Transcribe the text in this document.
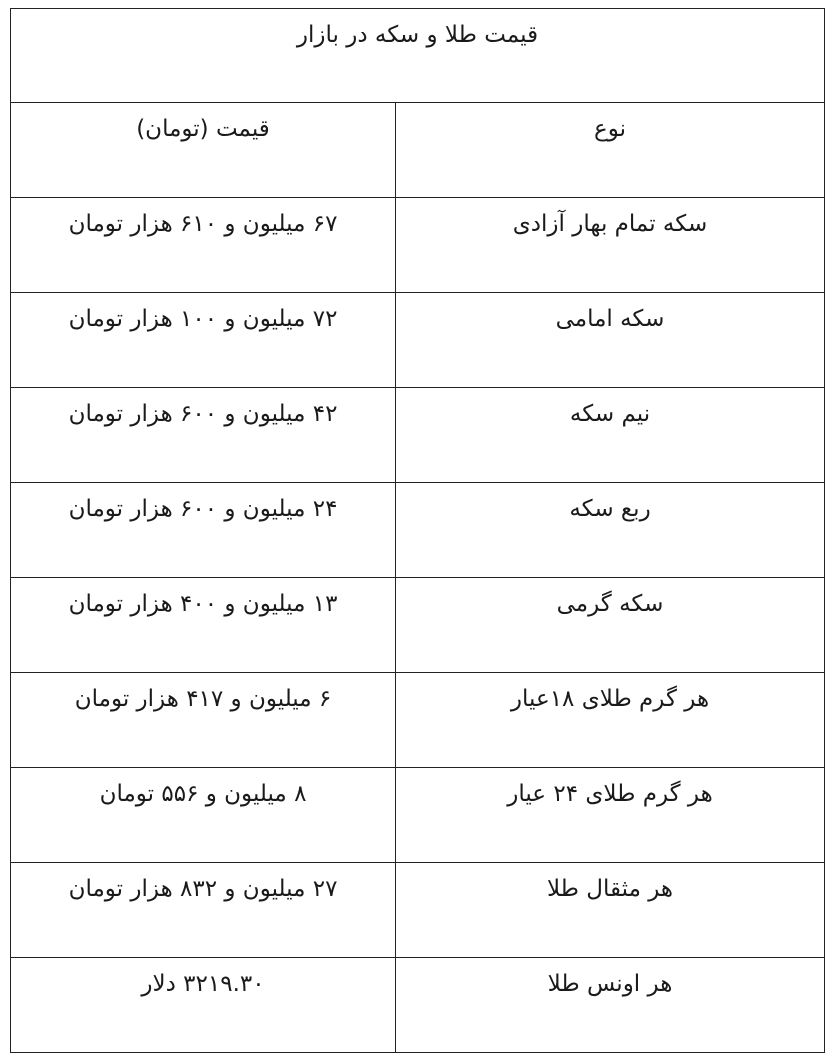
قیمت طلا و سکه در بازار	
نوع	قیمت (تومان)
سکه تمام بهار آزادی	۶۷ میلیون و ۶۱۰ هزار تومان
سکه امامی	۷۲ میلیون و ۱۰۰ هزار تومان
نیم سکه	۴۲ میلیون و ۶۰۰ هزار تومان
ربع سکه	۲۴ میلیون و ۶۰۰ هزار تومان
سکه گرمی	۱۳ میلیون و ۴۰۰ هزار تومان
هر گرم طلای ۱۸عیار	۶ میلیون و ۴۱۷ هزار تومان
هر گرم طلای ۲۴ عیار	۸ میلیون و ۵۵۶ تومان
هر مثقال طلا	۲۷ میلیون و ۸۳۲ هزار تومان
هر اونس طلا	۳۲۱۹.۳۰ دلار
